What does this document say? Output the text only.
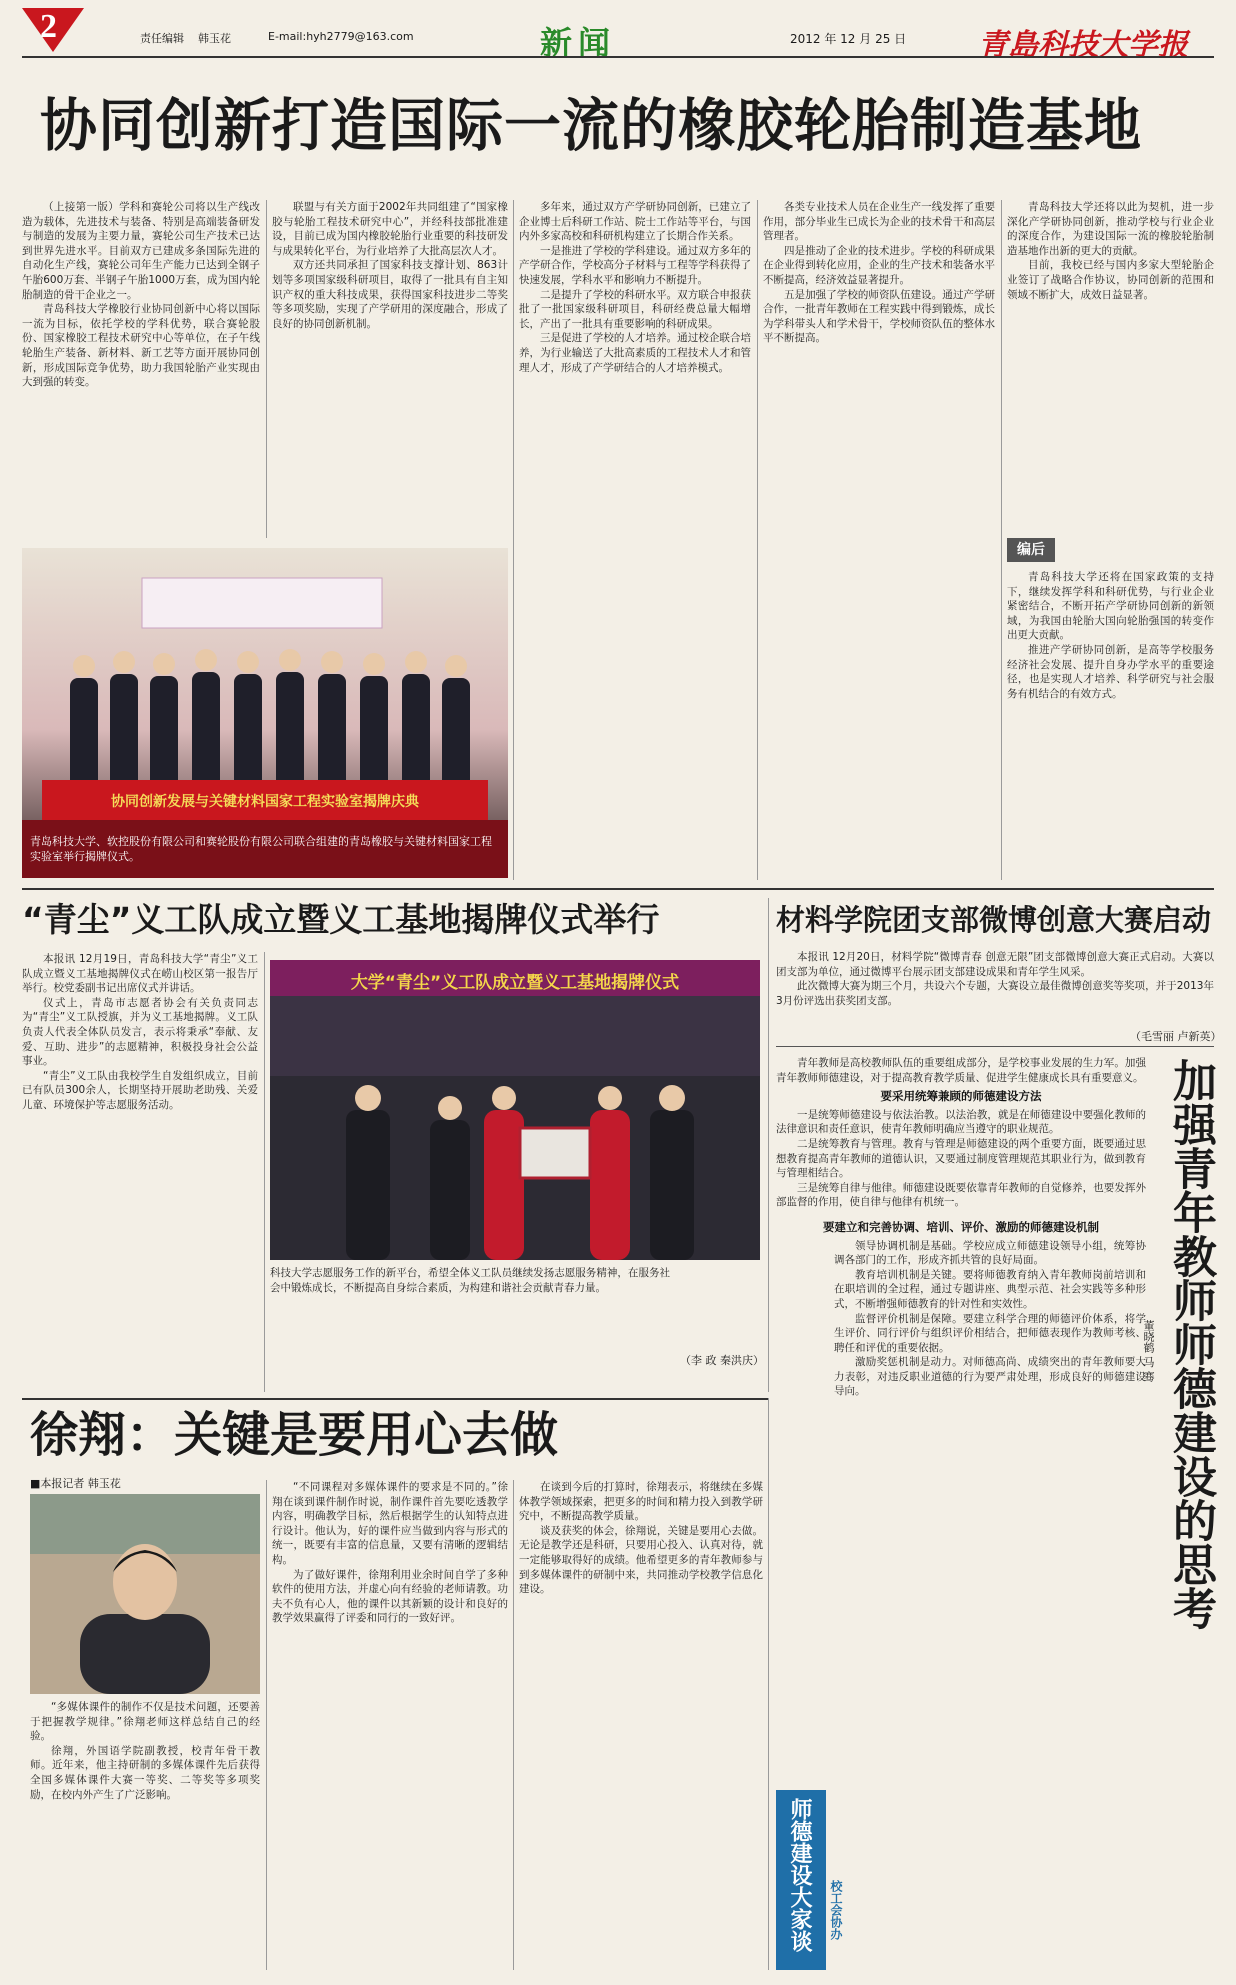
2	责任编辑 韩玉花	E-mail:hyh2779@163.com	新闻	2012 年 12 月 25 日 青島科技大学报
协同创新打造国际一流的橡胶轮胎制造基地

（上接第一版）学科和赛轮公司将以生产线改造为载体，先进技术与装备、特别是高端装备研发与制造的发展为主要力量，赛轮公司生产技术已达到世界先进水平。目前双方已建成多条国际先进的自动化生产线，赛轮公司年生产能力已达到全钢子午胎600万套、半钢子午胎1000万套，成为国内轮胎制造的骨干企业之一。

青岛科技大学橡胶行业协同创新中心将以国际一流为目标，依托学校的学科优势，联合赛轮股份、国家橡胶工程技术研究中心等单位，在子午线轮胎生产装备、新材料、新工艺等方面开展协同创新，形成国际竞争优势，助力我国轮胎产业实现由大到强的转变。

联盟与有关方面于2002年共同组建了“国家橡胶与轮胎工程技术研究中心”，并经科技部批准建设，目前已成为国内橡胶轮胎行业重要的科技研发与成果转化平台，为行业培养了大批高层次人才。

双方还共同承担了国家科技支撑计划、863计划等多项国家级科研项目，取得了一批具有自主知识产权的重大科技成果，获得国家科技进步二等奖等多项奖励，实现了产学研用的深度融合，形成了良好的协同创新机制。

多年来，通过双方产学研协同创新，已建立了企业博士后科研工作站、院士工作站等平台，与国内外多家高校和科研机构建立了长期合作关系。

一是推进了学校的学科建设。通过双方多年的产学研合作，学校高分子材料与工程等学科获得了快速发展，学科水平和影响力不断提升。

二是提升了学校的科研水平。双方联合申报获批了一批国家级科研项目，科研经费总量大幅增长，产出了一批具有重要影响的科研成果。

三是促进了学校的人才培养。通过校企联合培养，为行业输送了大批高素质的工程技术人才和管理人才，形成了产学研结合的人才培养模式。

各类专业技术人员在企业生产一线发挥了重要作用，部分毕业生已成长为企业的技术骨干和高层管理者。

四是推动了企业的技术进步。学校的科研成果在企业得到转化应用，企业的生产技术和装备水平不断提高，经济效益显著提升。

五是加强了学校的师资队伍建设。通过产学研合作，一批青年教师在工程实践中得到锻炼，成长为学科带头人和学术骨干，学校师资队伍的整体水平不断提高。

青岛科技大学还将以此为契机，进一步深化产学研协同创新，推动学校与行业企业的深度合作，为建设国际一流的橡胶轮胎制造基地作出新的更大的贡献。

目前，我校已经与国内多家大型轮胎企业签订了战略合作协议，协同创新的范围和领域不断扩大，成效日益显著。

协同创新发展与关键材料国家工程实验室揭牌庆典
青岛科技大学、软控股份有限公司和赛轮股份有限公司联合组建的青岛橡胶与关键材料国家工程实验室举行揭牌仪式。
编后

青岛科技大学还将在国家政策的支持下，继续发挥学科和科研优势，与行业企业紧密结合，不断开拓产学研协同创新的新领域，为我国由轮胎大国向轮胎强国的转变作出更大贡献。

推进产学研协同创新，是高等学校服务经济社会发展、提升自身办学水平的重要途径，也是实现人才培养、科学研究与社会服务有机结合的有效方式。

“青尘”义工队成立暨义工基地揭牌仪式举行

本报讯 12月19日，青岛科技大学“青尘”义工队成立暨义工基地揭牌仪式在崂山校区第一报告厅举行。校党委副书记出席仪式并讲话。

仪式上，青岛市志愿者协会有关负责同志为“青尘”义工队授旗，并为义工基地揭牌。义工队负责人代表全体队员发言，表示将秉承“奉献、友爱、互助、进步”的志愿精神，积极投身社会公益事业。

“青尘”义工队由我校学生自发组织成立，目前已有队员300余人，长期坚持开展助老助残、关爱儿童、环境保护等志愿服务活动。

大学“青尘”义工队成立暨义工基地揭牌仪式
科技大学志愿服务工作的新平台，希望全体义工队员继续发扬志愿服务精神，在服务社会中锻炼成长，不断提高自身综合素质，为构建和谐社会贡献青春力量。
（李 政 秦洪庆）
材料学院团支部微博创意大赛启动

本报讯 12月20日，材料学院“微博青春 创意无限”团支部微博创意大赛正式启动。大赛以团支部为单位，通过微博平台展示团支部建设成果和青年学生风采。

此次微博大赛为期三个月，共设六个专题，大赛设立最佳微博创意奖等奖项，并于2013年3月份评选出获奖团支部。

（毛雪丽 卢新英）
加强青年教师师德建设的思考
董晓鹤 马 骞

青年教师是高校教师队伍的重要组成部分，是学校事业发展的生力军。加强青年教师师德建设，对于提高教育教学质量、促进学生健康成长具有重要意义。

要采用统筹兼顾的师德建设方法

一是统筹师德建设与依法治教。以法治教，就是在师德建设中要强化教师的法律意识和责任意识，使青年教师明确应当遵守的职业规范。

二是统筹教育与管理。教育与管理是师德建设的两个重要方面，既要通过思想教育提高青年教师的道德认识，又要通过制度管理规范其职业行为，做到教育与管理相结合。

三是统筹自律与他律。师德建设既要依靠青年教师的自觉修养，也要发挥外部监督的作用，使自律与他律有机统一。

要建立和完善协调、培训、评价、激励的师德建设机制

领导协调机制是基础。学校应成立师德建设领导小组，统筹协调各部门的工作，形成齐抓共管的良好局面。

教育培训机制是关键。要将师德教育纳入青年教师岗前培训和在职培训的全过程，通过专题讲座、典型示范、社会实践等多种形式，不断增强师德教育的针对性和实效性。

监督评价机制是保障。要建立科学合理的师德评价体系，将学生评价、同行评价与组织评价相结合，把师德表现作为教师考核、聘任和评优的重要依据。

激励奖惩机制是动力。对师德高尚、成绩突出的青年教师要大力表彰，对违反职业道德的行为要严肃处理，形成良好的师德建设导向。

师德建设大家谈 校工会协办
徐翔：关键是要用心去做
■本报记者 韩玉花

“多媒体课件的制作不仅是技术问题，还要善于把握教学规律。”徐翔老师这样总结自己的经验。

徐翔，外国语学院副教授，校青年骨干教师。近年来，他主持研制的多媒体课件先后获得全国多媒体课件大赛一等奖、二等奖等多项奖励，在校内外产生了广泛影响。

“不同课程对多媒体课件的要求是不同的。”徐翔在谈到课件制作时说，制作课件首先要吃透教学内容，明确教学目标，然后根据学生的认知特点进行设计。他认为，好的课件应当做到内容与形式的统一，既要有丰富的信息量，又要有清晰的逻辑结构。

为了做好课件，徐翔利用业余时间自学了多种软件的使用方法，并虚心向有经验的老师请教。功夫不负有心人，他的课件以其新颖的设计和良好的教学效果赢得了评委和同行的一致好评。

在谈到今后的打算时，徐翔表示，将继续在多媒体教学领域探索，把更多的时间和精力投入到教学研究中，不断提高教学质量。

谈及获奖的体会，徐翔说，关键是要用心去做。无论是教学还是科研，只要用心投入、认真对待，就一定能够取得好的成绩。他希望更多的青年教师参与到多媒体课件的研制中来，共同推动学校教学信息化建设。
